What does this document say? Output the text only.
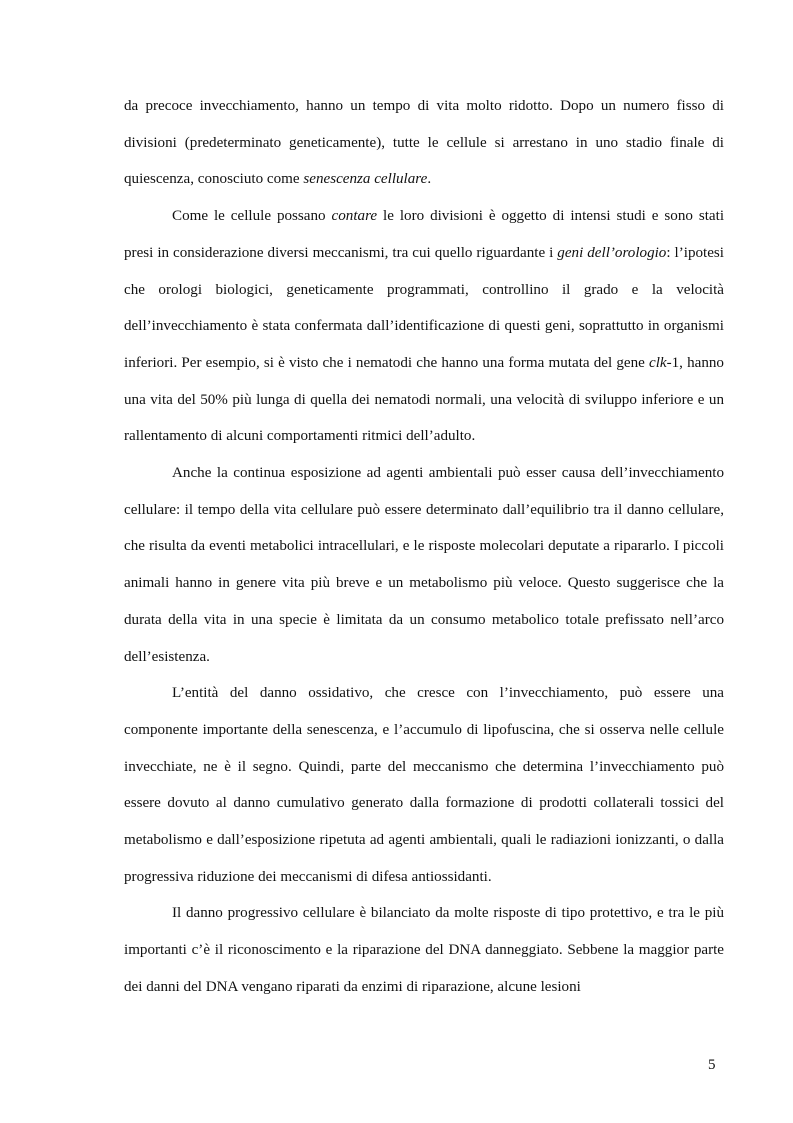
da precoce invecchiamento, hanno un tempo di vita molto ridotto. Dopo un numero fisso di divisioni (predeterminato geneticamente), tutte le cellule si arrestano in uno stadio finale di quiescenza, conosciuto come senescenza cellulare.

Come le cellule possano contare le loro divisioni è oggetto di intensi studi e sono stati presi in considerazione diversi meccanismi, tra cui quello riguardante i geni dell’orologio: l’ipotesi che orologi biologici, geneticamente programmati, controllino il grado e la velocità dell’invecchiamento è stata confermata dall’identificazione di questi geni, soprattutto in organismi inferiori. Per esempio, si è visto che i nematodi che hanno una forma mutata del gene clk-1, hanno una vita del 50% più lunga di quella dei nematodi normali, una velocità di sviluppo inferiore e un rallentamento di alcuni comportamenti ritmici dell’adulto.

Anche la continua esposizione ad agenti ambientali può esser causa dell’invecchiamento cellulare: il tempo della vita cellulare può essere determinato dall’equilibrio tra il danno cellulare, che risulta da eventi metabolici intracellulari, e le risposte molecolari deputate a ripararlo. I piccoli animali hanno in genere vita più breve e un metabolismo più veloce. Questo suggerisce che la durata della vita in una specie è limitata da un consumo metabolico totale prefissato nell’arco dell’esistenza.

L’entità del danno ossidativo, che cresce con l’invecchiamento, può essere una componente importante della senescenza, e l’accumulo di lipofuscina, che si osserva nelle cellule invecchiate, ne è il segno. Quindi, parte del meccanismo che determina l’invecchiamento può essere dovuto al danno cumulativo generato dalla formazione di prodotti collaterali tossici del metabolismo e dall’esposizione ripetuta ad agenti ambientali, quali le radiazioni ionizzanti, o dalla progressiva riduzione dei meccanismi di difesa antiossidanti.

Il danno progressivo cellulare è bilanciato da molte risposte di tipo protettivo, e tra le più importanti c’è il riconoscimento e la riparazione del DNA danneggiato. Sebbene la maggior parte dei danni del DNA vengano riparati da enzimi di riparazione, alcune lesioni

5
